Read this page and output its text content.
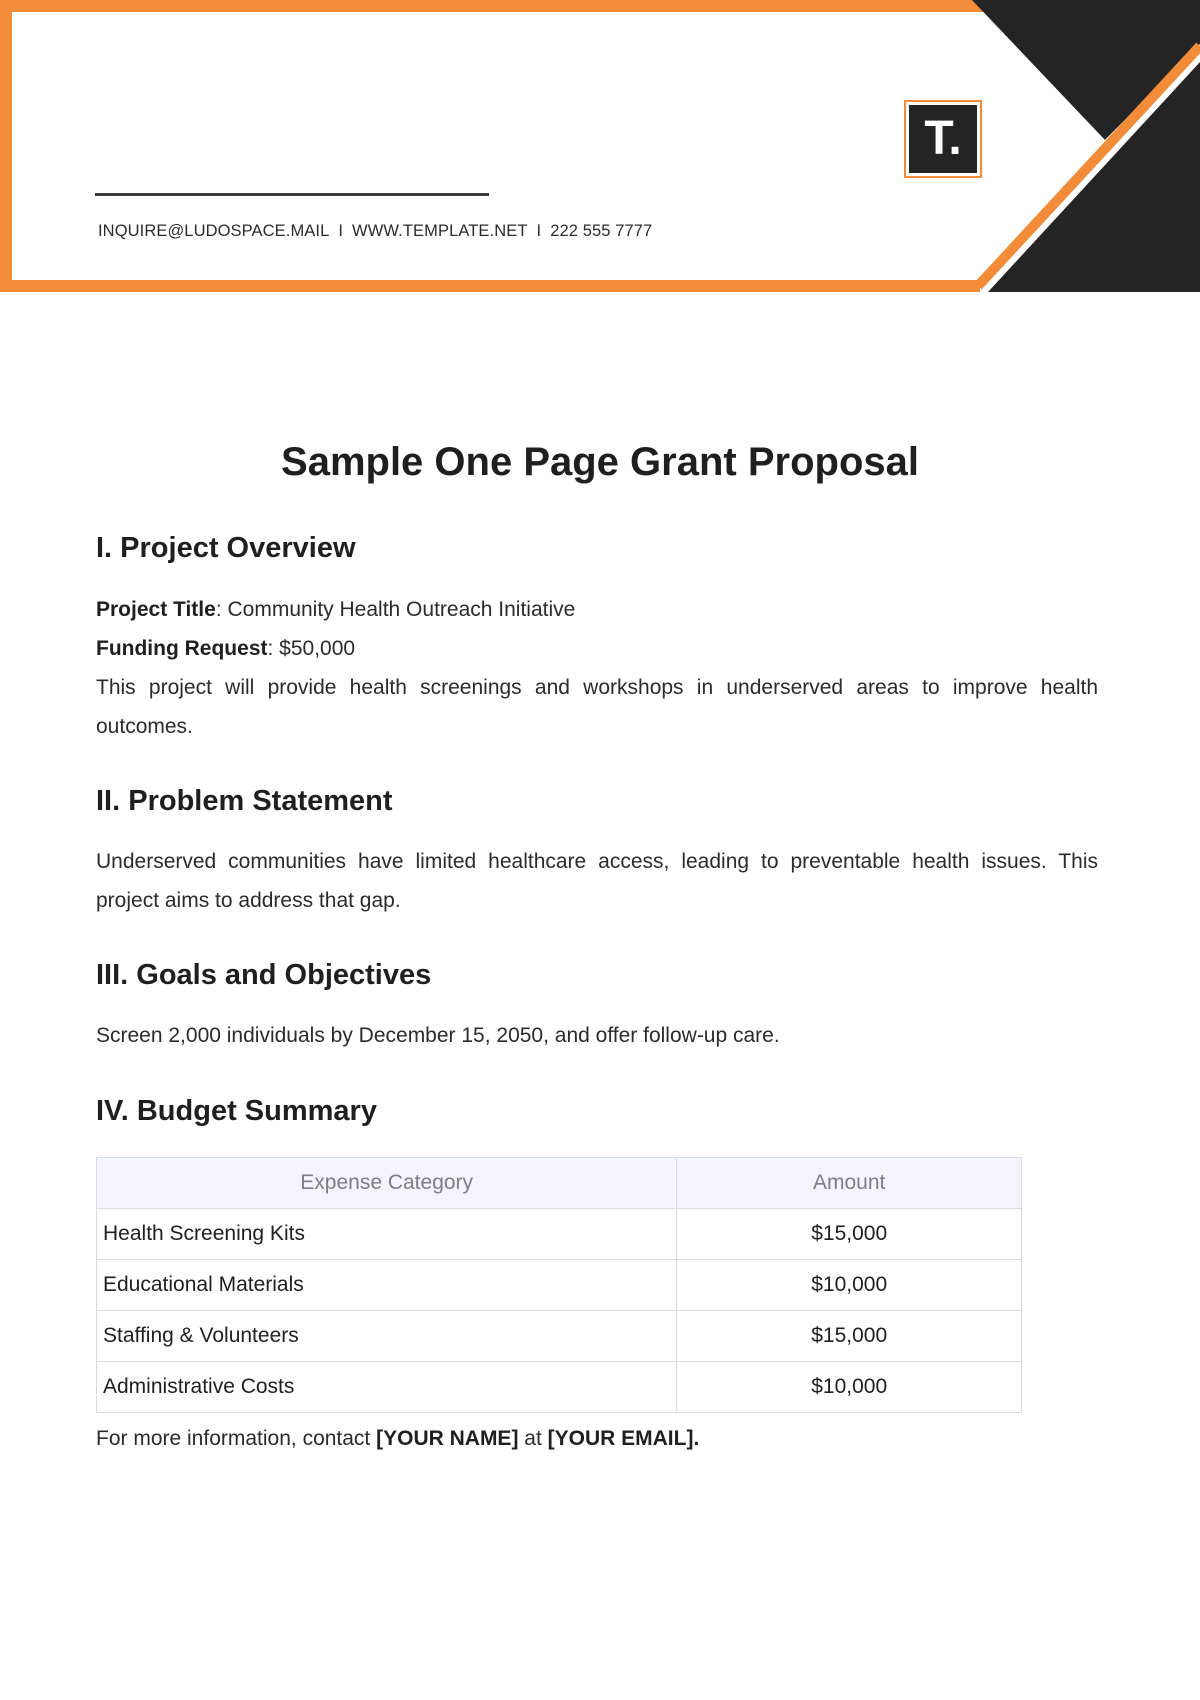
INQUIRE@LUDOSPACE.MAIL I WWW.TEMPLATE.NET I 222 555 7777
T.
Sample One Page Grant Proposal
I. Project Overview

Project Title: Community Health Outreach Initiative

Funding Request: $50,000

This project will provide health screenings and workshops in underserved areas to improve health outcomes.

II. Problem Statement

Underserved communities have limited healthcare access, leading to preventable health issues. This project aims to address that gap.

III. Goals and Objectives

Screen 2,000 individuals by December 15, 2050, and offer follow-up care.

IV. Budget Summary
Expense Category	Amount
Health Screening Kits	$15,000
Educational Materials	$10,000
Staffing & Volunteers	$15,000
Administrative Costs	$10,000

For more information, contact [YOUR NAME] at [YOUR EMAIL].
